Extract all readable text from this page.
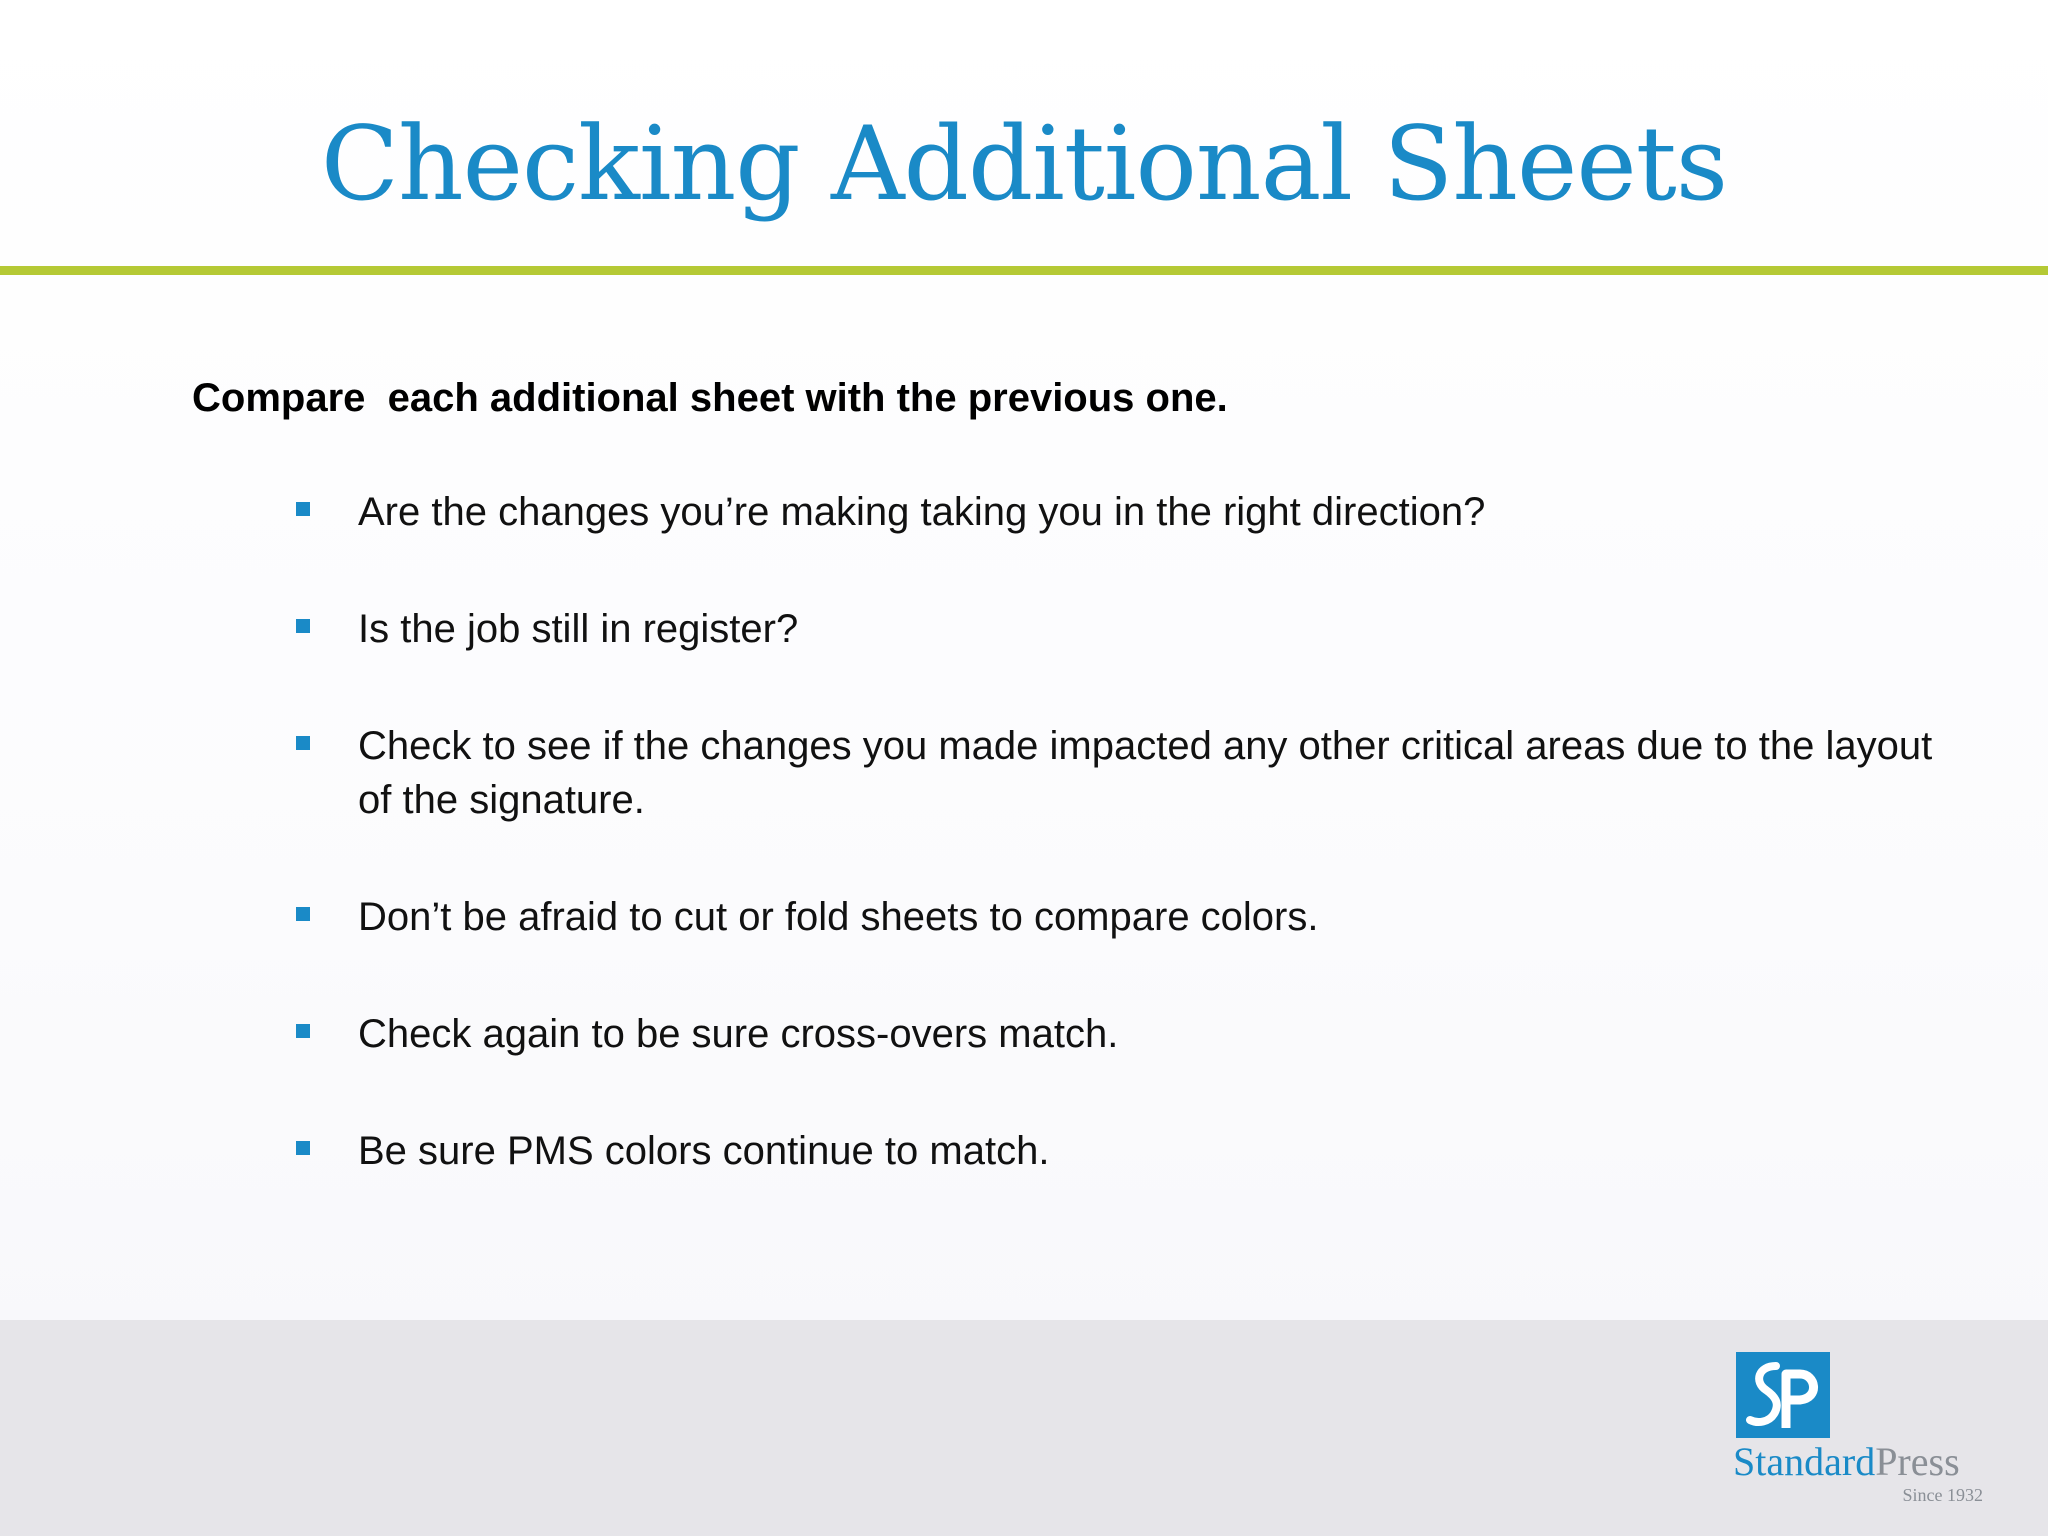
Checking Additional Sheets
Compare  each additional sheet with the previous one.
Are the changes you’re making taking you in the right direction?
Is the job still in register?
Check to see if the changes you made impacted any other critical areas due to the layout of the signature.
Don’t be afraid to cut or fold sheets to compare colors.
Check again to be sure cross-overs match.
Be sure PMS colors continue to match.
StandardPress
Since 1932
